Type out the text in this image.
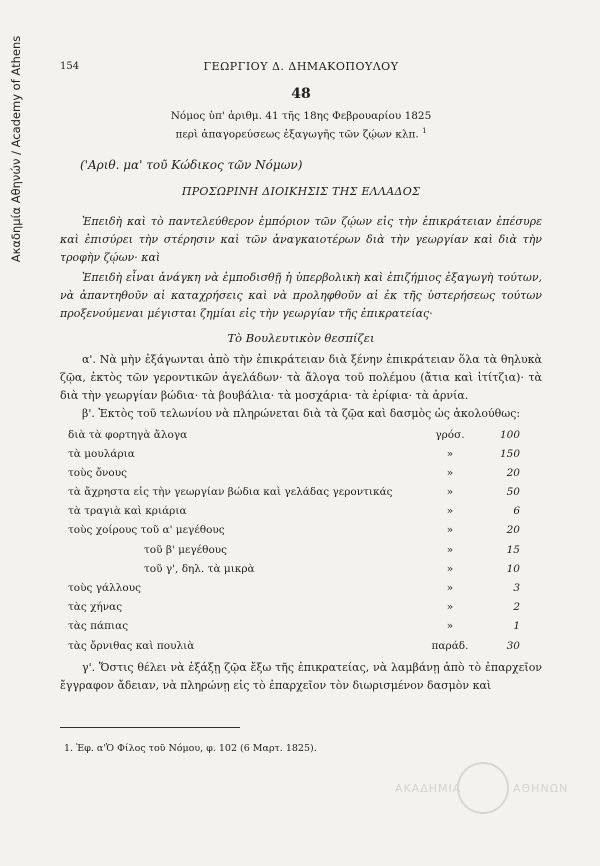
Ακαδημία Αθηνών / Academy of Athens	154	ΓΕΩΡΓΙΟΥ Δ. ΔΗΜΑΚΟΠΟΥΛΟΥ
48
Νόμος ὑπ' ἀριθμ. 41 τῆς 18ης Φεβρουαρίου 1825
περὶ ἀπαγορεύσεως ἐξαγωγῆς τῶν ζῴων κλπ. $^1$
('Αριθ. μα' τοῦ Κώδικος τῶν Νόμων)
ΠΡΟΣΩΡΙΝΗ ΔΙΟΙΚΗΣΙΣ ΤΗΣ ΕΛΛΑΔΟΣ

Ἐπειδὴ καὶ τὸ παντελεύθερον ἐμπόριον τῶν ζῴων εἰς τὴν ἐπικράτειαν ἐπέσυρε καὶ ἐπισύρει τὴν στέρησιν καὶ τῶν ἀναγκαιοτέρων διὰ τὴν γεωργίαν καὶ διὰ τὴν τροφὴν ζῴων· καὶ

Ἐπειδὴ εἶναι ἀνάγκη νὰ ἐμποδισθῇ ἡ ὑπερβολικὴ καὶ ἐπιζήμιος ἐξαγωγὴ τούτων, νὰ ἀπαντηθοῦν αἱ καταχρήσεις καὶ νὰ προληφθοῦν αἱ ἐκ τῆς ὑστερήσεως τούτων προξενούμεναι μέγισται ζημίαι εἰς τὴν γεωργίαν τῆς ἐπικρατείας·

Τὸ Βουλευτικὸν θεσπίζει

α'. Νὰ μὴν ἐξάγωνται ἀπὸ τὴν ἐπικράτειαν διὰ ξένην ἐπικράτειαν ὅλα τὰ θηλυκὰ ζῷα, ἐκτὸς τῶν γεροντικῶν ἀγελάδων· τὰ ἄλογα τοῦ πολέμου (ἄτια καὶ ἰτίτζια)· τὰ διὰ τὴν γεωργίαν βώδια· τὰ βουβάλια· τὰ μοσχάρια· τὰ ἐρίφια· τὰ ἀρνία.

β'. Ἐκτὸς τοῦ τελωνίου νὰ πληρώνεται διὰ τὰ ζῷα καὶ δασμὸς ὡς ἀκολούθως:

διὰ τὰ φορτηγὰ ἄλογα	γρόσ.	100
τὰ μουλάρια	»	150
τοὺς ὄνους	»	20
τὰ ἄχρηστα εἰς τὴν γεωργίαν βώδια καὶ γελάδας γεροντικάς	»	50
τὰ τραγιὰ καὶ κριάρια	»	6
τοὺς χοίρους τοῦ α' μεγέθους	»	20
τοῦ β' μεγέθους	»	15
τοῦ γ', δηλ. τὰ μικρὰ	»	10
τοὺς γάλλους	»	3
τὰς χήνας	»	2
τὰς πάπιας	»	1
τὰς ὄρνιθας καὶ πουλιὰ	παράδ.	30

γ'. Ὅστις θέλει νὰ ἐξάξῃ ζῷα ἔξω τῆς ἐπικρατείας, νὰ λαμβάνῃ ἀπὸ τὸ ἐπαρχεῖον ἔγγραφον ἄδειαν, νὰ πληρώνῃ εἰς τὸ ἐπαρχεῖον τὸν διωρισμένον δασμὸν καὶ

1. Ἐφ. α'Ὁ Φίλος τοῦ Νόμου, φ. 102 (6 Μαρτ. 1825).
ΑΚΑΔΗΜΙΑ	ΑΘΗΝΩΝ
